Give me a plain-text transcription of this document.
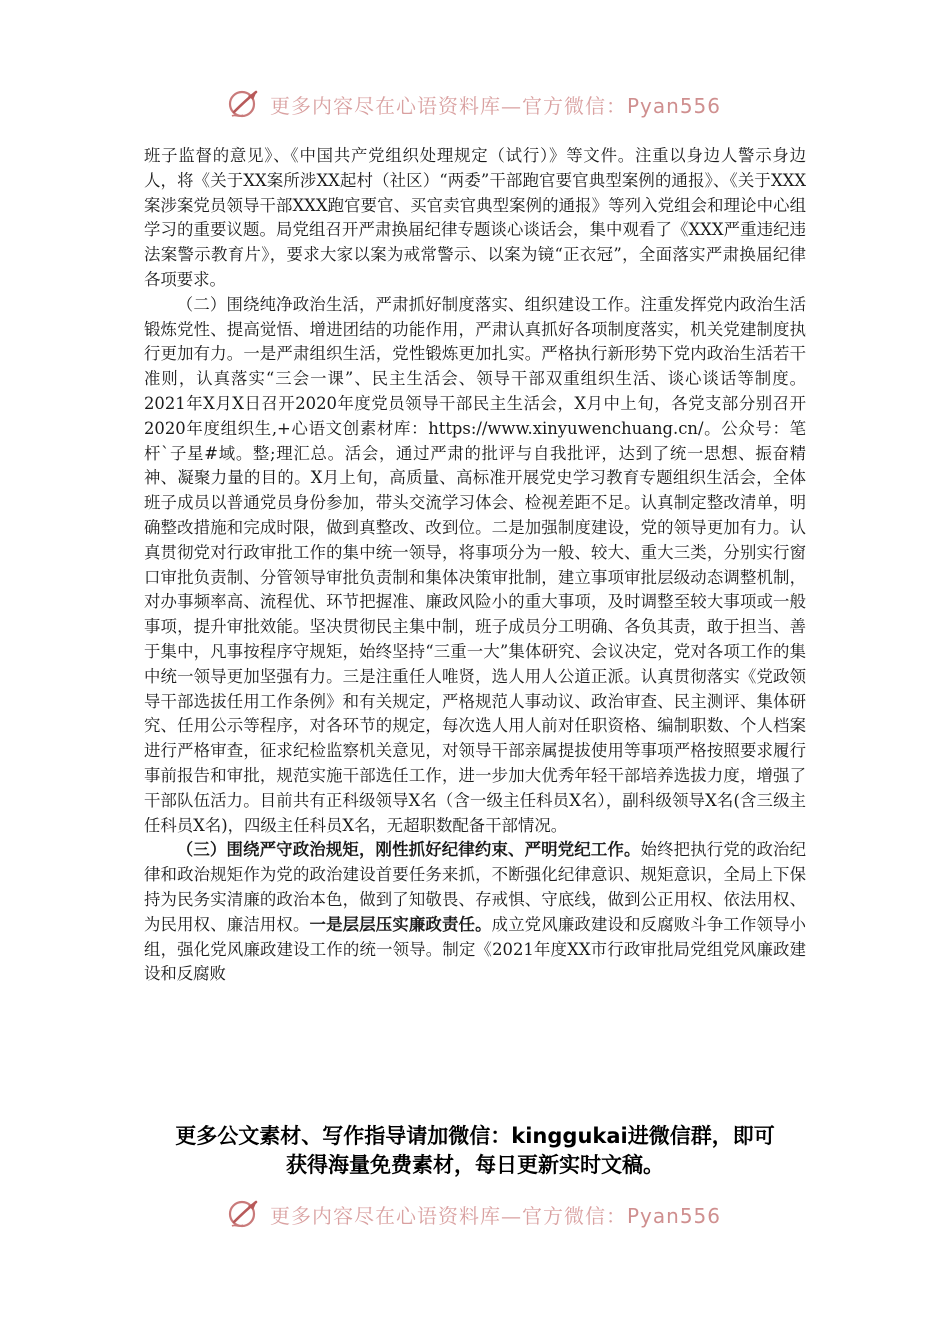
更多内容尽在心语资料库—官方微信：Pyan556

班子监督的意见》、《中国共产党组织处理规定（试行）》等文件。注重以身边人警示身边人，将《关于XX案所涉XX起村（社区）“两委”干部跑官要官典型案例的通报》、《关于XXX案涉案党员领导干部XXX跑官要官、买官卖官典型案例的通报》等列入党组会和理论中心组学习的重要议题。局党组召开严肃换届纪律专题谈心谈话会，集中观看了《XXX严重违纪违法案警示教育片》，要求大家以案为戒常警示、以案为镜“正衣冠”，全面落实严肃换届纪律各项要求。

（二）围绕纯净政治生活，严肃抓好制度落实、组织建设工作。注重发挥党内政治生活锻炼党性、提高觉悟、增进团结的功能作用，严肃认真抓好各项制度落实，机关党建制度执行更加有力。一是严肃组织生活，党性锻炼更加扎实。严格执行新形势下党内政治生活若干准则，认真落实“三会一课”、民主生活会、领导干部双重组织生活、谈心谈话等制度。2021年X月X日召开2020年度党员领导干部民主生活会，X月中上旬，各党支部分别召开2020年度组织生,+心语文创素材库：https://www.xinyuwenchuang.cn/。公众号：笔杆`子星#域。整;理汇总。活会，通过严肃的批评与自我批评，达到了统一思想、振奋精神、凝聚力量的目的。X月上旬，高质量、高标准开展党史学习教育专题组织生活会，全体班子成员以普通党员身份参加，带头交流学习体会、检视差距不足。认真制定整改清单，明确整改措施和完成时限，做到真整改、改到位。二是加强制度建设，党的领导更加有力。认真贯彻党对行政审批工作的集中统一领导，将事项分为一般、较大、重大三类，分别实行窗口审批负责制、分管领导审批负责制和集体决策审批制，建立事项审批层级动态调整机制，对办事频率高、流程优、环节把握准、廉政风险小的重大事项，及时调整至较大事项或一般事项，提升审批效能。坚决贯彻民主集中制，班子成员分工明确、各负其责，敢于担当、善于集中，凡事按程序守规矩，始终坚持“三重一大”集体研究、会议决定，党对各项工作的集中统一领导更加坚强有力。三是注重任人唯贤，选人用人公道正派。认真贯彻落实《党政领导干部选拔任用工作条例》和有关规定，严格规范人事动议、政治审查、民主测评、集体研究、任用公示等程序，对各环节的规定，每次选人用人前对任职资格、编制职数、个人档案进行严格审查，征求纪检监察机关意见，对领导干部亲属提拔使用等事项严格按照要求履行事前报告和审批，规范实施干部选任工作，进一步加大优秀年轻干部培养选拔力度，增强了干部队伍活力。目前共有正科级领导X名（含一级主任科员X名），副科级领导X名(含三级主任科员X名)，四级主任科员X名，无超职数配备干部情况。

（三）围绕严守政治规矩，刚性抓好纪律约束、严明党纪工作。始终把执行党的政治纪律和政治规矩作为党的政治建设首要任务来抓，不断强化纪律意识、规矩意识，全局上下保持为民务实清廉的政治本色，做到了知敬畏、存戒惧、守底线，做到公正用权、依法用权、为民用权、廉洁用权。一是层层压实廉政责任。成立党风廉政建设和反腐败斗争工作领导小组，强化党风廉政建设工作的统一领导。制定《2021年度XX市行政审批局党组党风廉政建设和反腐败

更多公文素材、写作指导请加微信：kinggukai进微信群，即可
获得海量免费素材，每日更新实时文稿。
更多内容尽在心语资料库—官方微信：Pyan556
